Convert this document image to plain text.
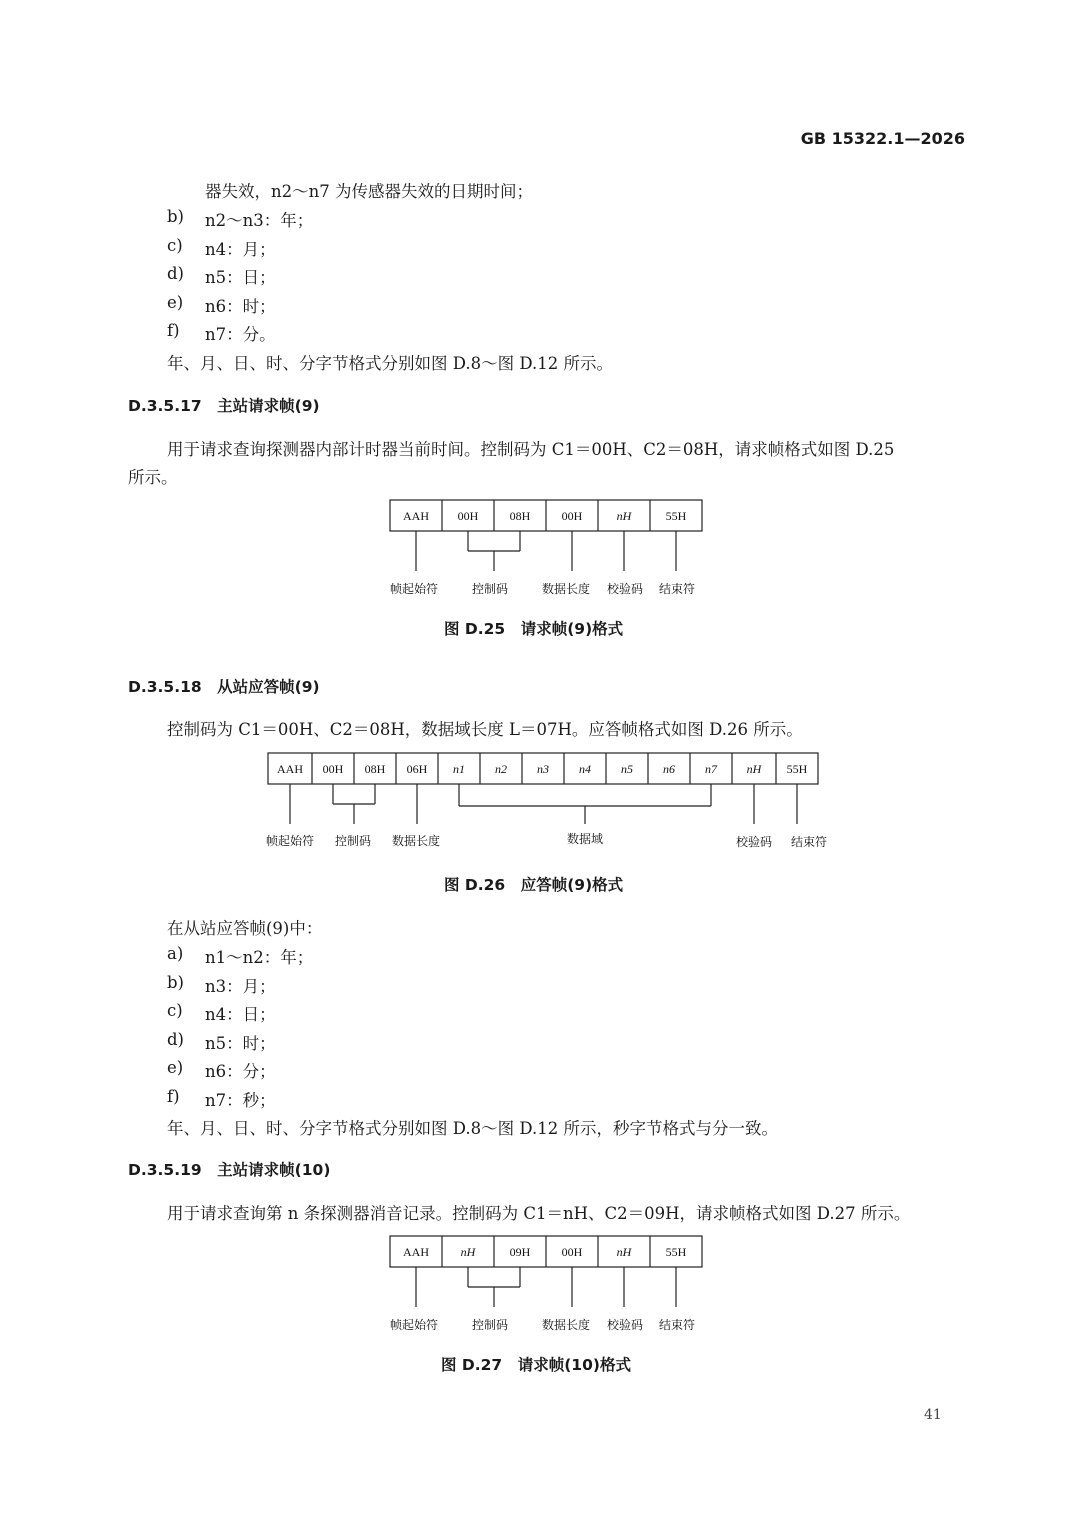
GB 15322.1—2026
器失效，n2～n7 为传感器失效的日期时间；
b) n2～n3：年；
c) n4：月；
d) n5：日；
e) n6：时；
f) n7：分。
年、月、日、时、分字节格式分别如图 D.8～图 D.12 所示。
D.3.5.17　主站请求帧(9)
用于请求查询探测器内部计时器当前时间。控制码为 C1＝00H、C2＝08H，请求帧格式如图 D.25
所示。
AAH 00H	08H	00H	nH	55H
帧起始符	控制码	数据长度 校验码 结束符
图 D.25　请求帧(9)格式
D.3.5.18　从站应答帧(9)
控制码为 C1＝00H、C2＝08H，数据域长度 L＝07H。应答帧格式如图 D.26 所示。
AAH 00H 08H 06H n1	n2	n3	n4	n5	n6	n7 nH 55H
帧起始符 控制码 数据长度	数据域	校验码 结束符
图 D.26　应答帧(9)格式
在从站应答帧(9)中：
a) n1～n2：年；
b) n3：月；
c) n4：日；
d) n5：时；
e) n6：分；
f) n7：秒；
年、月、日、时、分字节格式分别如图 D.8～图 D.12 所示，秒字节格式与分一致。
D.3.5.19　主站请求帧(10)
用于请求查询第 n 条探测器消音记录。控制码为 C1＝nH、C2＝09H，请求帧格式如图 D.27 所示。
AAH	nH	09H	00H	nH	55H
帧起始符	控制码	数据长度 校验码 结束符
图 D.27　请求帧(10)格式
41
